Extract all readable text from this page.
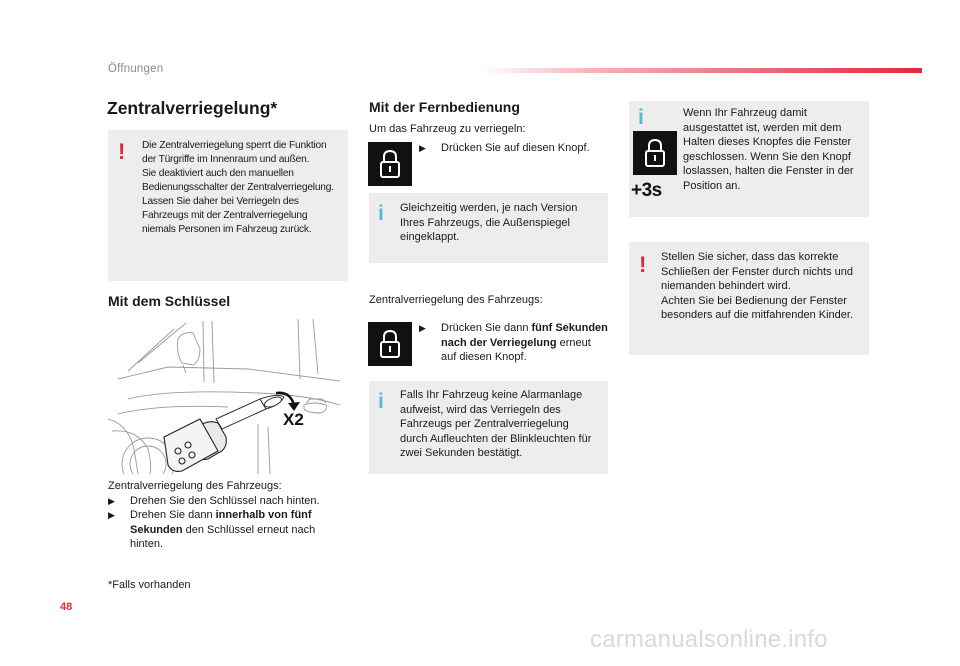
Öffnungen
Zentralverriegelung*
! Die Zentralverriegelung sperrt die Funktion
der Türgriffe im Innenraum und außen.
Sie deaktiviert auch den manuellen
Bedienungsschalter der Zentralverriegelung.
Lassen Sie daher bei Verriegeln des
Fahrzeugs mit der Zentralverriegelung
niemals Personen im Fahrzeug zurück.
Mit dem Schlüssel
X2
Zentralverriegelung des Fahrzeugs:
▶	Drehen Sie den Schlüssel nach hinten.
▶	Drehen Sie dann innerhalb von fünf
Sekunden den Schlüssel erneut nach
hinten.
*Falls vorhanden
Mit der Fernbedienung
Um das Fahrzeug zu verriegeln:
▶	Drücken Sie auf diesen Knopf.
i Gleichzeitig werden, je nach Version
Ihres Fahrzeugs, die Außenspiegel
eingeklappt.
Zentralverriegelung des Fahrzeugs:
▶	Drücken Sie dann fünf Sekunden
nach der Verriegelung erneut
auf diesen Knopf.
i Falls Ihr Fahrzeug keine Alarmanlage
aufweist, wird das Verriegeln des
Fahrzeugs per Zentralverriegelung
durch Aufleuchten der Blinkleuchten für
zwei Sekunden bestätigt.
i
+3s
Wenn Ihr Fahrzeug damit
ausgestattet ist, werden mit dem
Halten dieses Knopfes die Fenster
geschlossen. Wenn Sie den Knopf
loslassen, halten die Fenster in der
Position an.
! Stellen Sie sicher, dass das korrekte
Schließen der Fenster durch nichts und
niemanden behindert wird.
Achten Sie bei Bedienung der Fenster
besonders auf die mitfahrenden Kinder.
48
carmanualsonline.info
